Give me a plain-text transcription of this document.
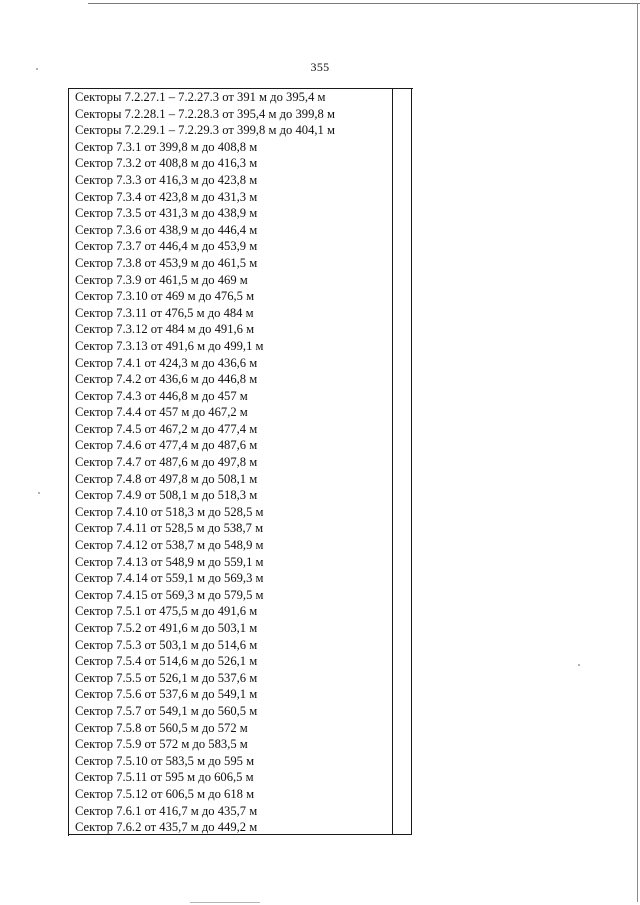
355
Секторы 7.2.27.1 – 7.2.27.3 от 391 м до 395,4 м
Секторы 7.2.28.1 – 7.2.28.3 от 395,4 м до 399,8 м
Секторы 7.2.29.1 – 7.2.29.3 от 399,8 м до 404,1 м
Сектор 7.3.1 от 399,8 м до 408,8 м
Сектор 7.3.2 от 408,8 м до 416,3 м
Сектор 7.3.3 от 416,3 м до 423,8 м
Сектор 7.3.4 от 423,8 м до 431,3 м
Сектор 7.3.5 от 431,3 м до 438,9 м
Сектор 7.3.6 от 438,9 м до 446,4 м
Сектор 7.3.7 от 446,4 м до 453,9 м
Сектор 7.3.8 от 453,9 м до 461,5 м
Сектор 7.3.9 от 461,5 м до 469 м
Сектор 7.3.10 от 469 м до 476,5 м
Сектор 7.3.11 от 476,5 м до 484 м
Сектор 7.3.12 от 484 м до 491,6 м
Сектор 7.3.13 от 491,6 м до 499,1 м
Сектор 7.4.1 от 424,3 м до 436,6 м
Сектор 7.4.2 от 436,6 м до 446,8 м
Сектор 7.4.3 от 446,8 м до 457 м
Сектор 7.4.4 от 457 м до 467,2 м
Сектор 7.4.5 от 467,2 м до 477,4 м
Сектор 7.4.6 от 477,4 м до 487,6 м
Сектор 7.4.7 от 487,6 м до 497,8 м
Сектор 7.4.8 от 497,8 м до 508,1 м
Сектор 7.4.9 от 508,1 м до 518,3 м
Сектор 7.4.10 от 518,3 м до 528,5 м
Сектор 7.4.11 от 528,5 м до 538,7 м
Сектор 7.4.12 от 538,7 м до 548,9 м
Сектор 7.4.13 от 548,9 м до 559,1 м
Сектор 7.4.14 от 559,1 м до 569,3 м
Сектор 7.4.15 от 569,3 м до 579,5 м
Сектор 7.5.1 от 475,5 м до 491,6 м
Сектор 7.5.2 от 491,6 м до 503,1 м
Сектор 7.5.3 от 503,1 м до 514,6 м
Сектор 7.5.4 от 514,6 м до 526,1 м
Сектор 7.5.5 от 526,1 м до 537,6 м
Сектор 7.5.6 от 537,6 м до 549,1 м
Сектор 7.5.7 от 549,1 м до 560,5 м
Сектор 7.5.8 от 560,5 м до 572 м
Сектор 7.5.9 от 572 м до 583,5 м
Сектор 7.5.10 от 583,5 м до 595 м
Сектор 7.5.11 от 595 м до 606,5 м
Сектор 7.5.12 от 606,5 м до 618 м
Сектор 7.6.1 от 416,7 м до 435,7 м
Сектор 7.6.2 от 435,7 м до 449,2 м
